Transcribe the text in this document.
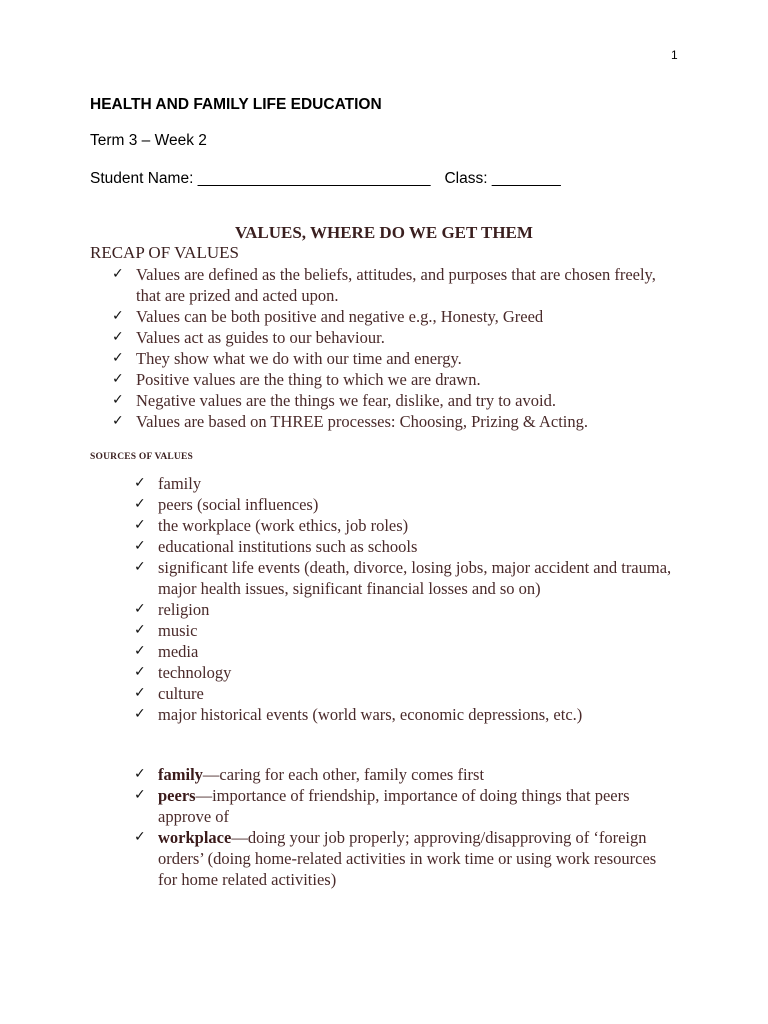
1
HEALTH AND FAMILY LIFE EDUCATION
Term 3 – Week 2
Student Name: ___________________________ Class: ________
VALUES, WHERE DO WE GET THEM
RECAP OF VALUES
✓ Values are defined as the beliefs, attitudes, and purposes that are chosen freely, that are prized and acted upon.
✓ Values can be both positive and negative e.g., Honesty, Greed
✓ Values act as guides to our behaviour.
✓ They show what we do with our time and energy.
✓ Positive values are the thing to which we are drawn.
✓ Negative values are the things we fear, dislike, and try to avoid.
✓ Values are based on THREE processes: Choosing, Prizing & Acting.
SOURCES OF VALUES
✓ family
✓ peers (social influences)
✓ the workplace (work ethics, job roles)
✓ educational institutions such as schools
✓ significant life events (death, divorce, losing jobs, major accident and trauma, major health issues, significant financial losses and so on)
✓ religion
✓ music
✓ media
✓ technology
✓ culture
✓ major historical events (world wars, economic depressions, etc.)
✓ family—caring for each other, family comes first
✓ peers—importance of friendship, importance of doing things that peers approve of
✓ workplace—doing your job properly; approving/disapproving of ‘foreign orders’ (doing home-related activities in work time or using work resources for home related activities)
